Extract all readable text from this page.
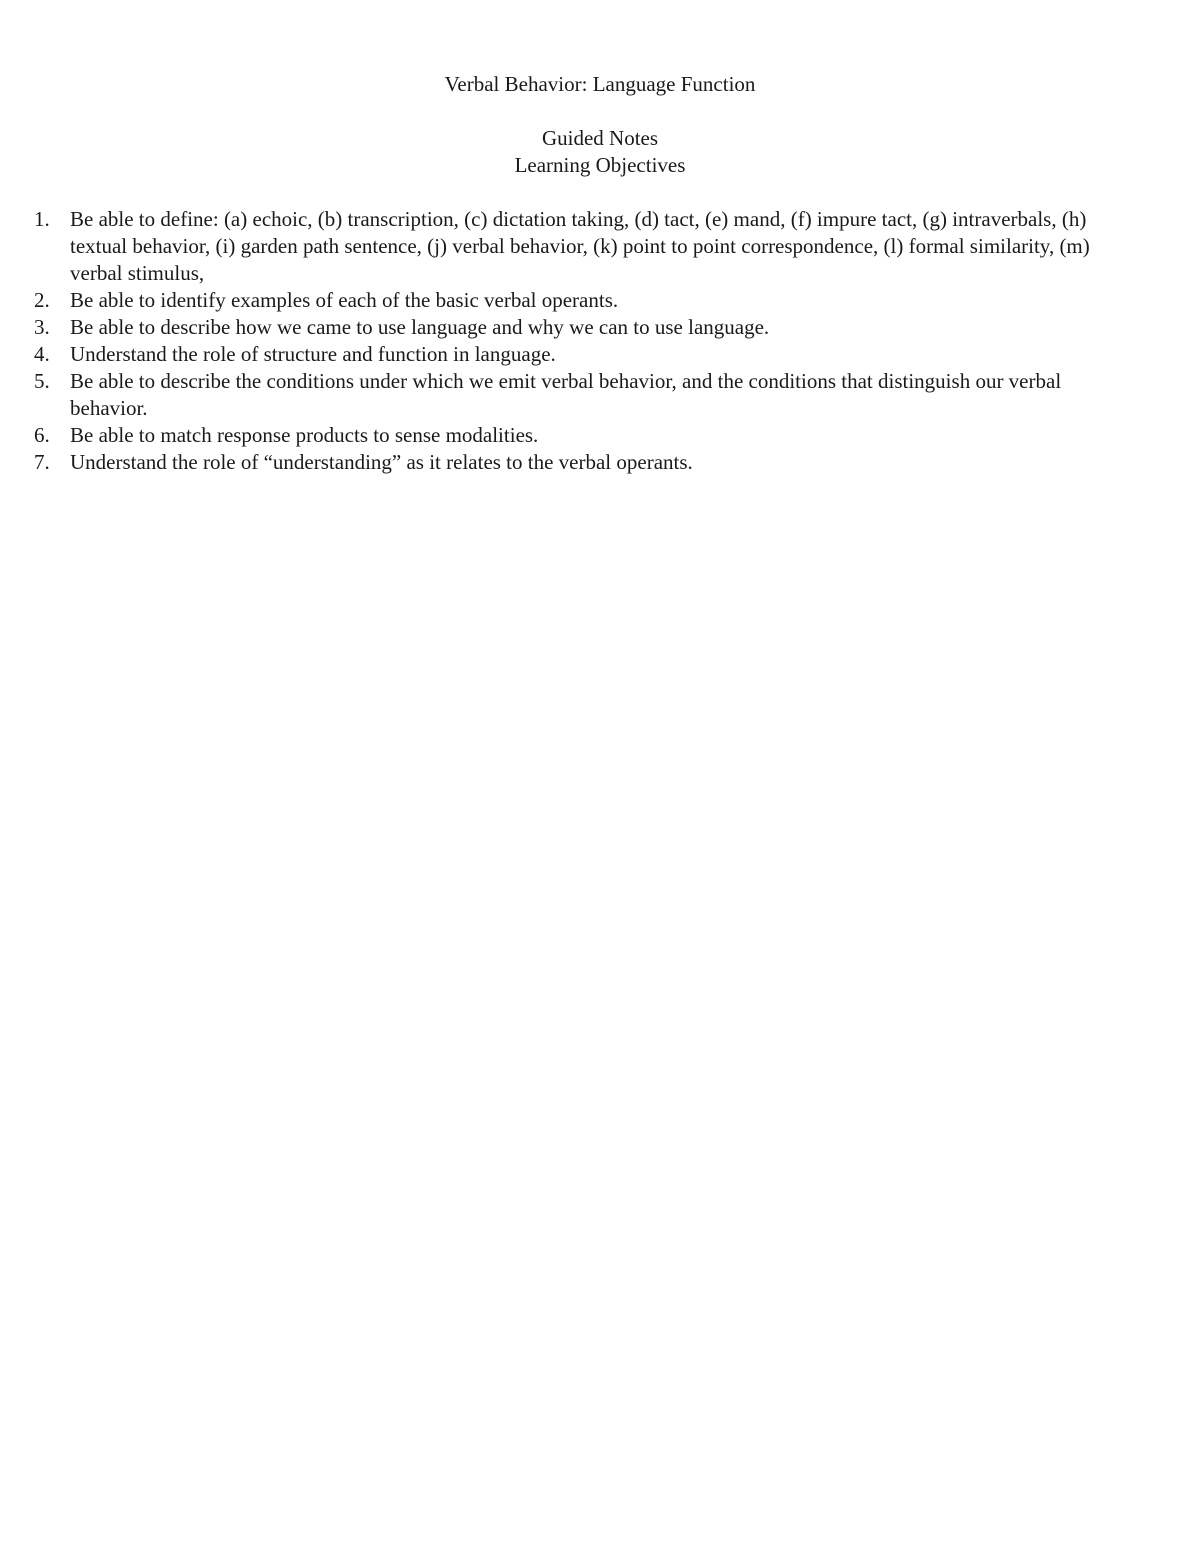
Verbal Behavior: Language Function
Guided Notes
Learning Objectives
1. Be able to define: (a) echoic, (b) transcription, (c) dictation taking, (d) tact, (e) mand, (f) impure tact, (g) intraverbals, (h) textual behavior, (i) garden path sentence, (j) verbal behavior, (k) point to point correspondence, (l) formal similarity, (m) verbal stimulus,
2. Be able to identify examples of each of the basic verbal operants.
3. Be able to describe how we came to use language and why we can to use language.
4. Understand the role of structure and function in language.
5. Be able to describe the conditions under which we emit verbal behavior, and the conditions that distinguish our verbal behavior.
6. Be able to match response products to sense modalities.
7. Understand the role of “understanding” as it relates to the verbal operants.
